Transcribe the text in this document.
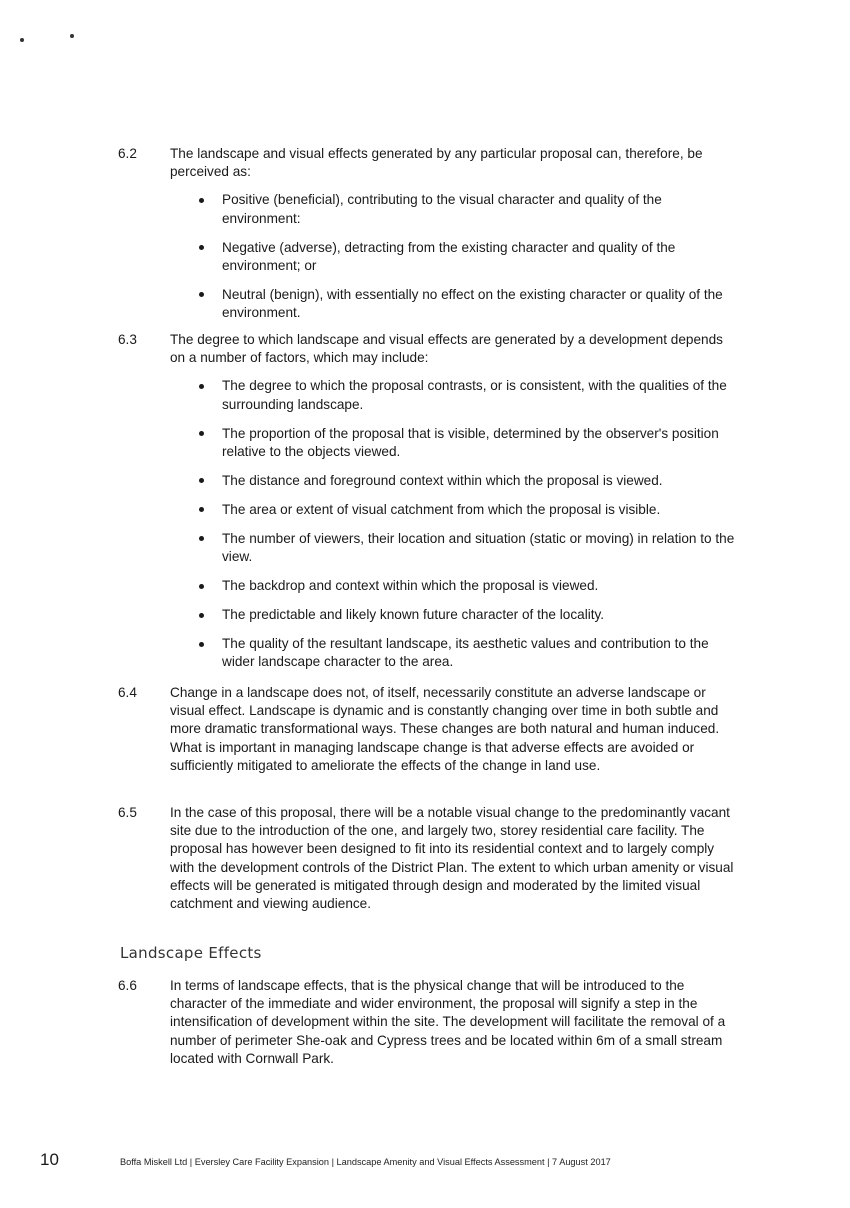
6.2	The landscape and visual effects generated by any particular proposal can, therefore, be perceived as:
Positive (beneficial), contributing to the visual character and quality of the environment:
Negative (adverse), detracting from the existing character and quality of the environment; or
Neutral (benign), with essentially no effect on the existing character or quality of the environment.
6.3	The degree to which landscape and visual effects are generated by a development depends on a number of factors, which may include:
The degree to which the proposal contrasts, or is consistent, with the qualities of the surrounding landscape.
The proportion of the proposal that is visible, determined by the observer's position relative to the objects viewed.
The distance and foreground context within which the proposal is viewed.
The area or extent of visual catchment from which the proposal is visible.
The number of viewers, their location and situation (static or moving) in relation to the view.
The backdrop and context within which the proposal is viewed.
The predictable and likely known future character of the locality.
The quality of the resultant landscape, its aesthetic values and contribution to the wider landscape character to the area.
6.4	Change in a landscape does not, of itself, necessarily constitute an adverse landscape or visual effect. Landscape is dynamic and is constantly changing over time in both subtle and more dramatic transformational ways. These changes are both natural and human induced. What is important in managing landscape change is that adverse effects are avoided or sufficiently mitigated to ameliorate the effects of the change in land use.
6.5	In the case of this proposal, there will be a notable visual change to the predominantly vacant site due to the introduction of the one, and largely two, storey residential care facility. The proposal has however been designed to fit into its residential context and to largely comply with the development controls of the District Plan. The extent to which urban amenity or visual effects will be generated is mitigated through design and moderated by the limited visual catchment and viewing audience.
Landscape Effects
6.6	In terms of landscape effects, that is the physical change that will be introduced to the character of the immediate and wider environment, the proposal will signify a step in the intensification of development within the site. The development will facilitate the removal of a number of perimeter She-oak and Cypress trees and be located within 6m of a small stream located with Cornwall Park.
10	Boffa Miskell Ltd | Eversley Care Facility Expansion | Landscape Amenity and Visual Effects Assessment | 7 August 2017
